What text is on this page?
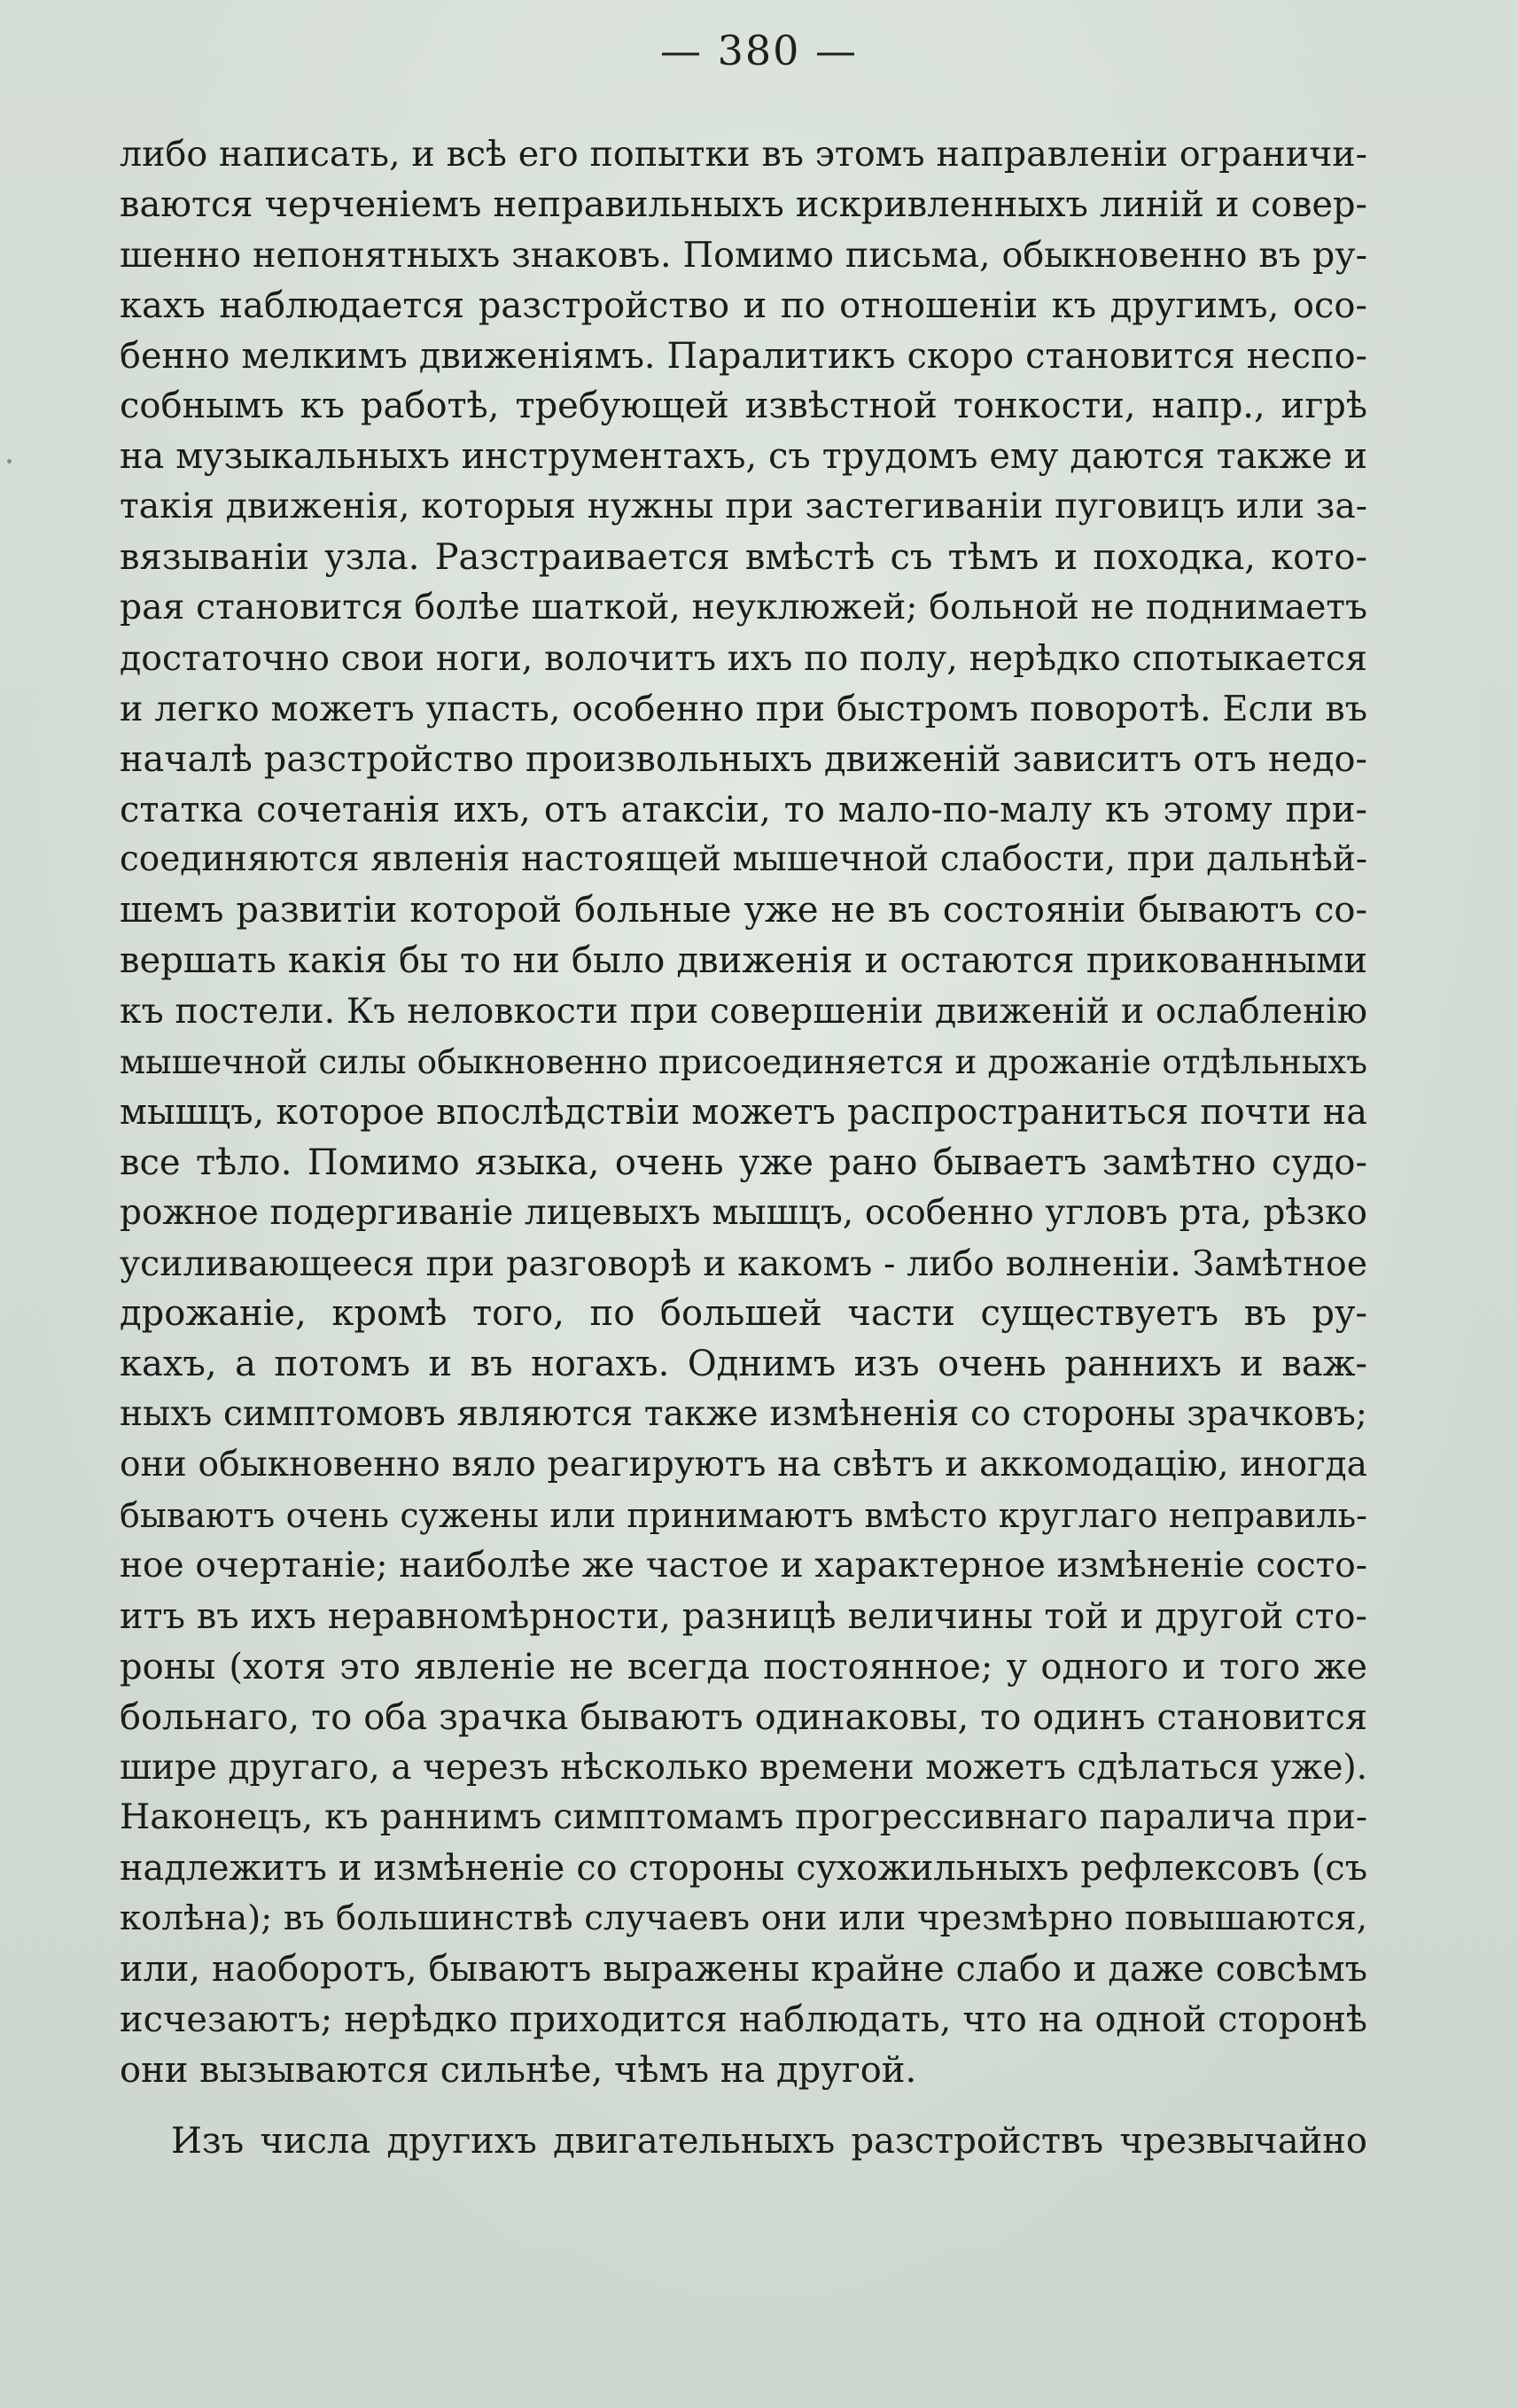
— 380 —
либо написать, и всѣ его попытки въ этомъ направленіи ограничи-
ваются черченіемъ неправильныхъ искривленныхъ линій и совер-
шенно непонятныхъ знаковъ. Помимо письма, обыкновенно въ ру-
кахъ наблюдается разстройство и по отношеніи къ другимъ, осо-
бенно мелкимъ движеніямъ. Паралитикъ скоро становится неспо-
собнымъ къ работѣ, требующей извѣстной тонкости, напр., игрѣ
на музыкальныхъ инструментахъ, съ трудомъ ему даются также и
такія движенія, которыя нужны при застегиваніи пуговицъ или за-
вязываніи узла. Разстраивается вмѣстѣ съ тѣмъ и походка, кото-
рая становится болѣе шаткой, неуклюжей; больной не поднимаетъ
достаточно свои ноги, волочитъ ихъ по полу, нерѣдко спотыкается
и легко можетъ упасть, особенно при быстромъ поворотѣ. Если въ
началѣ разстройство произвольныхъ движеній зависитъ отъ недо-
статка сочетанія ихъ, отъ атаксіи, то мало-по-малу къ этому при-
соединяются явленія настоящей мышечной слабости, при дальнѣй-
шемъ развитіи которой больные уже не въ состояніи бываютъ со-
вершать какія бы то ни было движенія и остаются прикованными
къ постели. Къ неловкости при совершеніи движеній и ослабленію
мышечной силы обыкновенно присоединяется и дрожаніе отдѣльныхъ
мышцъ, которое впослѣдствіи можетъ распространиться почти на
все тѣло. Помимо языка, очень уже рано бываетъ замѣтно судо-
рожное подергиваніе лицевыхъ мышцъ, особенно угловъ рта, рѣзко
усиливающееся при разговорѣ и какомъ - либо волненіи. Замѣтное
дрожаніе, кромѣ того, по большей части существуетъ въ ру-
кахъ, а потомъ и въ ногахъ. Однимъ изъ очень раннихъ и важ-
ныхъ симптомовъ являются также измѣненія со стороны зрачковъ;
они обыкновенно вяло реагируютъ на свѣтъ и аккомодацію, иногда
бываютъ очень сужены или принимаютъ вмѣсто круглаго неправиль-
ное очертаніе; наиболѣе же частое и характерное измѣненіе состо-
итъ въ ихъ неравномѣрности, разницѣ величины той и другой сто-
роны (хотя это явленіе не всегда постоянное; у одного и того же
больнаго, то оба зрачка бываютъ одинаковы, то одинъ становится
шире другаго, а черезъ нѣсколько времени можетъ сдѣлаться уже).
Наконецъ, къ раннимъ симптомамъ прогрессивнаго паралича при-
надлежитъ и измѣненіе со стороны сухожильныхъ рефлексовъ (съ
колѣна); въ большинствѣ случаевъ они или чрезмѣрно повышаются,
или, наоборотъ, бываютъ выражены крайне слабо и даже совсѣмъ
исчезаютъ; нерѣдко приходится наблюдать, что на одной сторонѣ
они вызываются сильнѣе, чѣмъ на другой.
Изъ числа другихъ двигательныхъ разстройствъ чрезвычайно
